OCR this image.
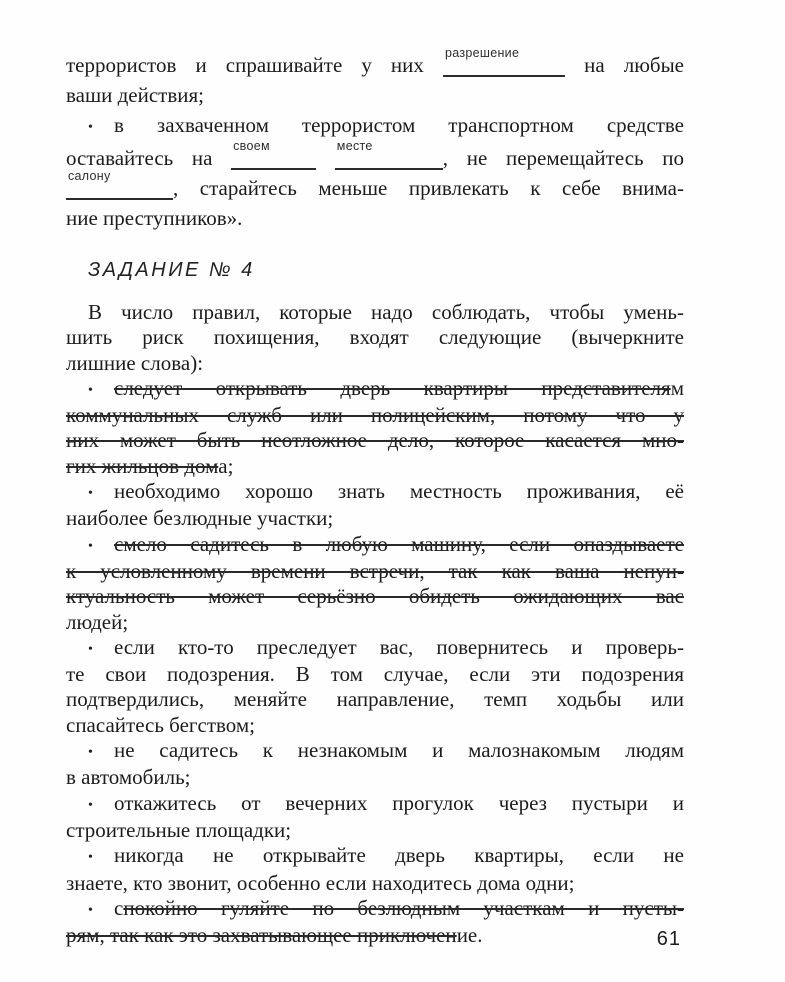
террористов и спрашивайте у них разрешение на любые
ваши действия;
• в захваченном террористом транспортном средстве
оставайтесь на своем
	месте	, не перемещайтесь по
салону	, старайтесь меньше привлекать к себе внима-
ние преступников».
ЗАДАНИЕ № 4
В число правил, которые надо соблюдать, чтобы умень-
шить риск похищения, входят следующие (вычеркните
лишние слова):
• следует открывать дверь квартиры представителям
коммунальных служб или полицейским, потому что у
них может быть неотложное дело, которое касается мно-
гих жильцов дома;
• необходимо хорошо знать местность проживания, её
наиболее безлюдные участки;
• смело садитесь в любую машину, если опаздываете
к условленному времени встречи, так как ваша непун-
ктуальность может серьёзно обидеть ожидающих вас
людей;
• если кто-то преследует вас, повернитесь и проверь-
те свои подозрения. В том случае, если эти подозрения
подтвердились, меняйте направление, темп ходьбы или
спасайтесь бегством;
• не садитесь к незнакомым и малознакомым людям
в автомобиль;
• откажитесь от вечерних прогулок через пустыри и
строительные площадки;
• никогда не открывайте дверь квартиры, если не
знаете, кто звонит, особенно если находитесь дома одни;
• спокойно гуляйте по безлюдным участкам и пусты-
рям, так как это захватывающее приключение.	61
